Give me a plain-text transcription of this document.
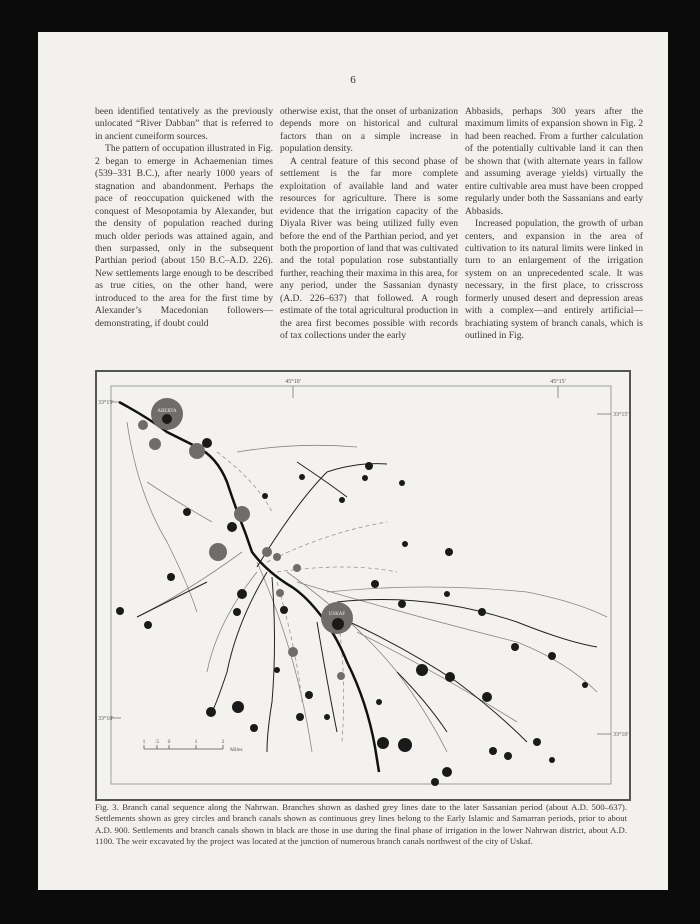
6

been identified tentatively as the previously unlocated “River Dabban” that is referred to in ancient cuneiform sources.

The pattern of occupation illustrated in Fig. 2 began to emerge in Achaemenian times (539–331 B.C.), after nearly 1000 years of stagnation and abandonment. Perhaps the pace of reoccupation quickened with the conquest of Mesopotamia by Alexander, but the density of population reached during much older periods was attained again, and then surpassed, only in the subsequent Parthian period (about 150 B.C–A.D. 226). New settlements large enough to be described as true cities, on the other hand, were introduced to the area for the first time by Alexander’s Macedonian followers—demonstrating, if doubt could

otherwise exist, that the onset of urbanization depends more on historical and cultural factors than on a simple increase in population density.

A central feature of this second phase of settlement is the far more complete exploitation of available land and water resources for agriculture. There is some evidence that the irrigation capacity of the Diyala River was being utilized fully even before the end of the Parthian period, and yet both the proportion of land that was cultivated and the total population rose substantially further, reaching their maxima in this area, for any period, under the Sassanian dynasty (A.D. 226–637) that followed. A rough estimate of the total agricultural production in the area first becomes possible with records of tax collections under the early

Abbasids, perhaps 300 years after the maximum limits of expansion shown in Fig. 2 had been reached. From a further calculation of the potentially cultivable land it can then be shown that (with alternate years in fallow and assuming average yields) virtually the entire cultivable area must have been cropped regularly under both the Sassanians and early Abbasids.

Increased population, the growth of urban centers, and expansion in the area of cultivation to its natural limits were linked in turn to an enlargement of the irrigation system on an unprecedented scale. It was necessary, in the first place, to crisscross formerly unused desert and depression areas with a complex—and entirely artificial—brachiating system of branch canals, which is outlined in Fig.

45°10'	45°15'
33°15'
33°15'
33°10'
33°10'
ABERTA
USKAF
1 .5 0	1	2
Miles
Fig. 3. Branch canal sequence along the Nahrwan. Branches shown as dashed grey lines date to the later Sassanian period (about A.D. 500–637). Settlements shown as grey circles and branch canals shown as continuous grey lines belong to the Early Islamic and Samarran periods, prior to about A.D. 900. Settlements and branch canals shown in black are those in use during the final phase of irrigation in the lower Nahrwan district, about A.D. 1100. The weir excavated by the project was located at the junction of numerous branch canals northwest of the city of Uskaf.
